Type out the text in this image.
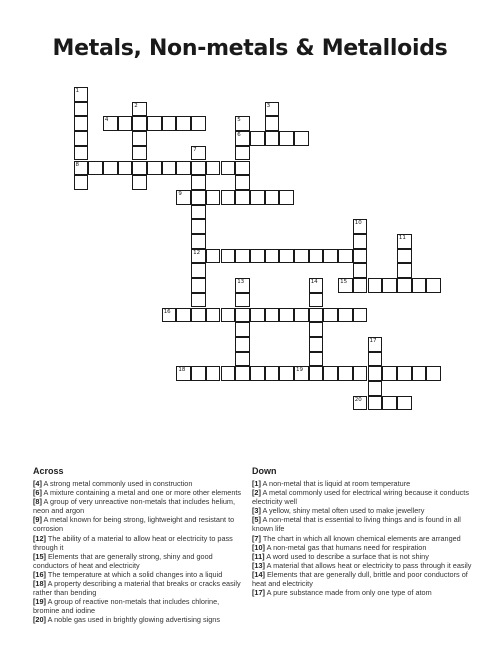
Metals, Non-metals & Metalloids
1
8
2	3
4	5
6
7
12
9
10
11
13	14	15
16
17
18	19
20
Across
[4] A strong metal commonly used in construction
[6] A mixture containing a metal and one or more other elements
[8] A group of very unreactive non-metals that includes helium, neon and argon
[9] A metal known for being strong, lightweight and resistant to corrosion
[12] The ability of a material to allow heat or electricity to pass through it
[15] Elements that are generally strong, shiny and good conductors of heat and electricity
[16] The temperature at which a solid changes into a liquid
[18] A property describing a material that breaks or cracks easily rather than bending
[19] A group of reactive non-metals that includes chlorine, bromine and iodine
[20] A noble gas used in brightly glowing advertising signs
Down
[1] A non-metal that is liquid at room temperature
[2] A metal commonly used for electrical wiring because it conducts electricity well
[3] A yellow, shiny metal often used to make jewellery
[5] A non-metal that is essential to living things and is found in all known life
[7] The chart in which all known chemical elements are arranged
[10] A non-metal gas that humans need for respiration
[11] A word used to describe a surface that is not shiny
[13] A material that allows heat or electricity to pass through it easily
[14] Elements that are generally dull, brittle and poor conductors of heat and electricity
[17] A pure substance made from only one type of atom
